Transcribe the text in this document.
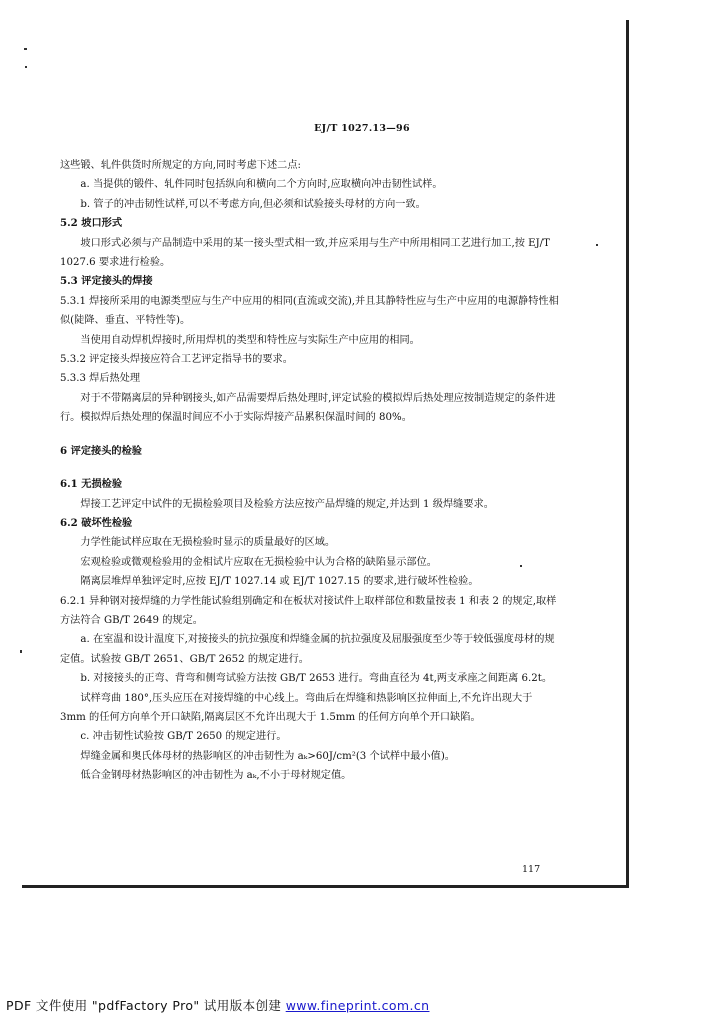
EJ/T 1027.13—96

这些锻、轧件供货时所规定的方向,同时考虑下述二点:

a. 当提供的锻件、轧件同时包括纵向和横向二个方向时,应取横向冲击韧性试样。

b. 管子的冲击韧性试样,可以不考虑方向,但必须和试验接头母材的方向一致。

5.2 坡口形式

坡口形式必须与产品制造中采用的某一接头型式相一致,并应采用与生产中所用相同工艺进行加工,按 EJ/T 1027.6 要求进行检验。

5.3 评定接头的焊接

5.3.1 焊接所采用的电源类型应与生产中应用的相同(直流或交流),并且其静特性应与生产中应用的电源静特性相似(陡降、垂直、平特性等)。

当使用自动焊机焊接时,所用焊机的类型和特性应与实际生产中应用的相同。

5.3.2 评定接头焊接应符合工艺评定指导书的要求。

5.3.3 焊后热处理

对于不带隔离层的异种钢接头,如产品需要焊后热处理时,评定试验的模拟焊后热处理应按制造规定的条件进行。模拟焊后热处理的保温时间应不小于实际焊接产品累积保温时间的 80%。

6 评定接头的检验

6.1 无损检验

焊接工艺评定中试件的无损检验项目及检验方法应按产品焊缝的规定,并达到 1 级焊缝要求。

6.2 破坏性检验

力学性能试样应取在无损检验时显示的质量最好的区域。

宏观检验或微观检验用的金相试片应取在无损检验中认为合格的缺陷显示部位。

隔离层堆焊单独评定时,应按 EJ/T 1027.14 或 EJ/T 1027.15 的要求,进行破坏性检验。

6.2.1 异种钢对接焊缝的力学性能试验组别确定和在板状对接试件上取样部位和数量按表 1 和表 2 的规定,取样方法符合 GB/T 2649 的规定。

a. 在室温和设计温度下,对接接头的抗拉强度和焊缝金属的抗拉强度及屈服强度至少等于较低强度母材的规定值。试验按 GB/T 2651、GB/T 2652 的规定进行。

b. 对接接头的正弯、背弯和侧弯试验方法按 GB/T 2653 进行。弯曲直径为 4t,两支承座之间距离 6.2t。

试样弯曲 180°,压头应压在对接焊缝的中心线上。弯曲后在焊缝和热影响区拉伸面上,不允许出现大于 3mm 的任何方向单个开口缺陷,隔离层区不允许出现大于 1.5mm 的任何方向单个开口缺陷。

c. 冲击韧性试验按 GB/T 2650 的规定进行。

焊缝金属和奥氏体母材的热影响区的冲击韧性为 aₖ>60J/cm²(3 个试样中最小值)。

低合金钢母材热影响区的冲击韧性为 aₖ,不小于母材规定值。

117
PDF 文件使用 "pdfFactory Pro" 试用版本创建 www.fineprint.com.cn
